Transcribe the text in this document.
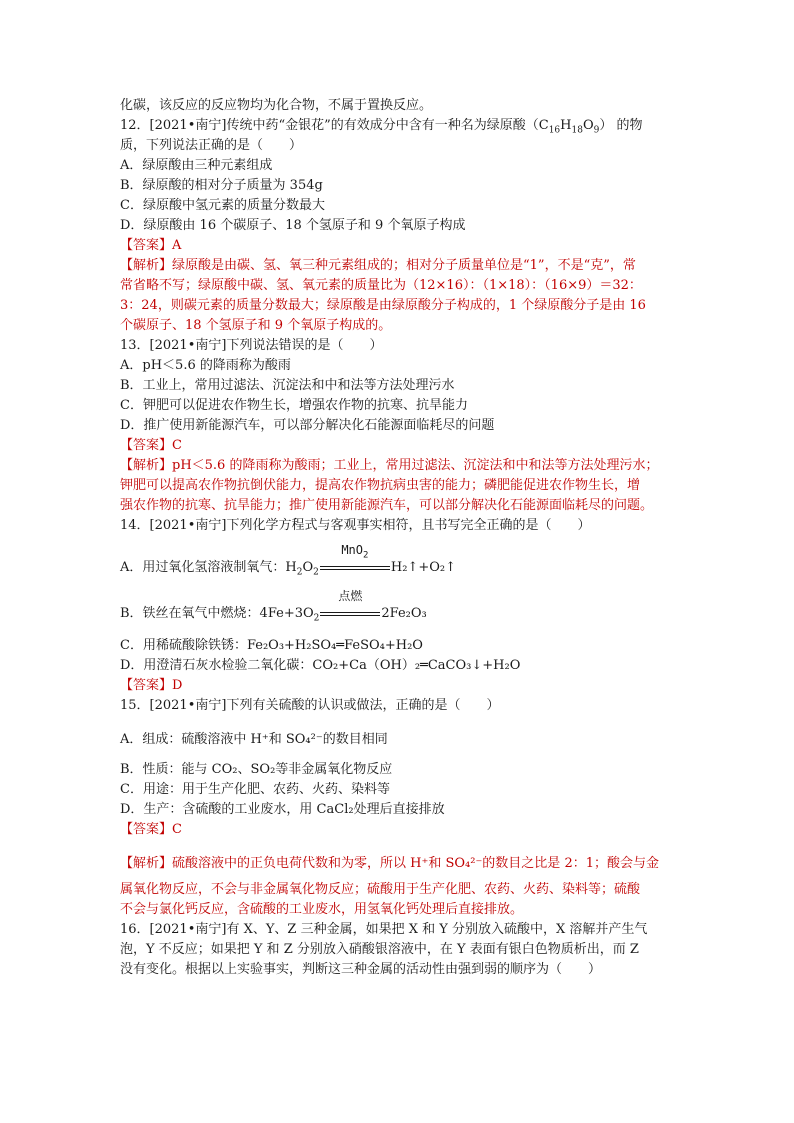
化碳，该反应的反应物均为化合物，不属于置换反应。

12．[2021•南宁]传统中药“金银花”的有效成分中含有一种名为绿原酸$(C_{16}H_{18}O_9)$ 的物

质，下列说法正确的是（　　）

A．绿原酸由三种元素组成

B．绿原酸的相对分子质量为 354g

C．绿原酸中氢元素的质量分数最大

D．绿原酸由 16 个碳原子、18 个氢原子和 9 个氧原子构成

【答案】A

【解析】绿原酸是由碳、氢、氧三种元素组成的；相对分子质量单位是“1”，不是“克”，常

常省略不写；绿原酸中碳、氢、氧元素的质量比为（12×16）：（1×18）：（16×9）＝32：

3：24，则碳元素的质量分数最大；绿原酸是由绿原酸分子构成的，1 个绿原酸分子是由 16

个碳原子、18 个氢原子和 9 个氧原子构成的。

13．[2021•南宁]下列说法错误的是（　　）

A．pH＜5.6 的降雨称为酸雨

B．工业上，常用过滤法、沉淀法和中和法等方法处理污水

C．钾肥可以促进农作物生长，增强农作物的抗寒、抗旱能力

D．推广使用新能源汽车，可以部分解决化石能源面临耗尽的问题

【答案】C

【解析】pH＜5.6 的降雨称为酸雨；工业上，常用过滤法、沉淀法和中和法等方法处理污水；

钾肥可以提高农作物抗倒伏能力，提高农作物抗病虫害的能力；磷肥能促进农作物生长，增

强农作物的抗寒、抗旱能力；推广使用新能源汽车，可以部分解决化石能源面临耗尽的问题。

14．[2021•南宁]下列化学方程式与客观事实相符，且书写完全正确的是（　　）

A．用过氧化氢溶液制氧气：$H_2O_2$
MnO$_2$
H₂↑+O₂↑
B．铁丝在氧气中燃烧：$4Fe+3O_2$
点燃
2Fe₂O₃

C．用稀硫酸除铁锈：Fe₂O₃+H₂SO₄═FeSO₄+H₂O

D．用澄清石灰水检验二氧化碳：CO₂+Ca（OH）₂═CaCO₃↓+H₂O

【答案】D

15．[2021•南宁]下列有关硫酸的认识或做法，正确的是（　　）

A．组成：硫酸溶液中 H⁺和 SO₄²⁻的数目相同

B．性质：能与 CO₂、SO₂等非金属氧化物反应

C．用途：用于生产化肥、农药、火药、染料等

D．生产：含硫酸的工业废水，用 CaCl₂处理后直接排放

【答案】C

【解析】硫酸溶液中的正负电荷代数和为零，所以 H⁺和 SO₄²⁻的数目之比是 2：1；酸会与金

属氧化物反应，不会与非金属氧化物反应；硫酸用于生产化肥、农药、火药、染料等；硫酸

不会与氯化钙反应，含硫酸的工业废水，用氢氧化钙处理后直接排放。

16．[2021•南宁]有 X、Y、Z 三种金属，如果把 X 和 Y 分别放入硫酸中，X 溶解并产生气

泡，Y 不反应；如果把 Y 和 Z 分别放入硝酸银溶液中，在 Y 表面有银白色物质析出，而 Z

没有变化。根据以上实验事实，判断这三种金属的活动性由强到弱的顺序为（　　）
